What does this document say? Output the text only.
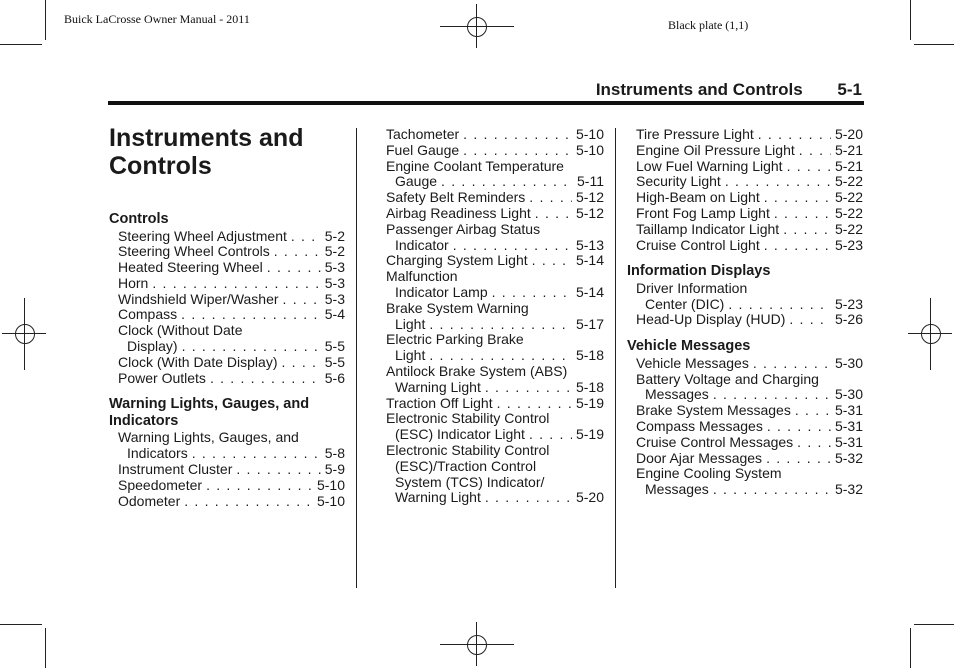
Buick LaCrosse Owner Manual - 2011	Black plate (1,1)
Instruments and Controls 5-1
Instruments and Controls
Controls
Steering Wheel Adjustment . . .	5-2
Steering Wheel Controls . . .	5-2
Heated Steering Wheel . . .	5-3
Horn . . .	5-3
Windshield Wiper/Washer . . .	5-3
Compass . . .	5-4
Clock (Without Date
Display) . . .	5-5
Clock (With Date Display) . . .	5-5
Power Outlets . . .	5-6
Warning Lights, Gauges, and Indicators
Warning Lights, Gauges, and
Indicators . . .	5-8
Instrument Cluster . . .	5-9
Speedometer . . .	5-10
Odometer . . .	5-10
Tachometer . . .	5-10
Fuel Gauge . . .	5-10
Engine Coolant Temperature
Gauge . . .	5-11
Safety Belt Reminders . . .	5-12
Airbag Readiness Light . . .	5-12
Passenger Airbag Status
Indicator . . .	5-13
Charging System Light . . .	5-14
Malfunction
Indicator Lamp . . .	5-14
Brake System Warning
Light . . .	5-17
Electric Parking Brake
Light . . .	5-18
Antilock Brake System (ABS)
Warning Light . . .	5-18
Traction Off Light . . .	5-19
Electronic Stability Control
(ESC) Indicator Light . . .	5-19
Electronic Stability Control
(ESC)/Traction Control
System (TCS) Indicator/
Warning Light . . .	5-20
Tire Pressure Light . . .	5-20
Engine Oil Pressure Light . . .	5-21
Low Fuel Warning Light . . .	5-21
Security Light . . .	5-22
High-Beam on Light . . .	5-22
Front Fog Lamp Light . . .	5-22
Taillamp Indicator Light . . .	5-22
Cruise Control Light . . .	5-23
Information Displays
Driver Information
Center (DIC) . . .	5-23
Head-Up Display (HUD) . . .	5-26
Vehicle Messages
Vehicle Messages . . .	5-30
Battery Voltage and Charging
Messages . . .	5-30
Brake System Messages . . .	5-31
Compass Messages . . .	5-31
Cruise Control Messages . . .	5-31
Door Ajar Messages . . .	5-32
Engine Cooling System
Messages . . .	5-32
